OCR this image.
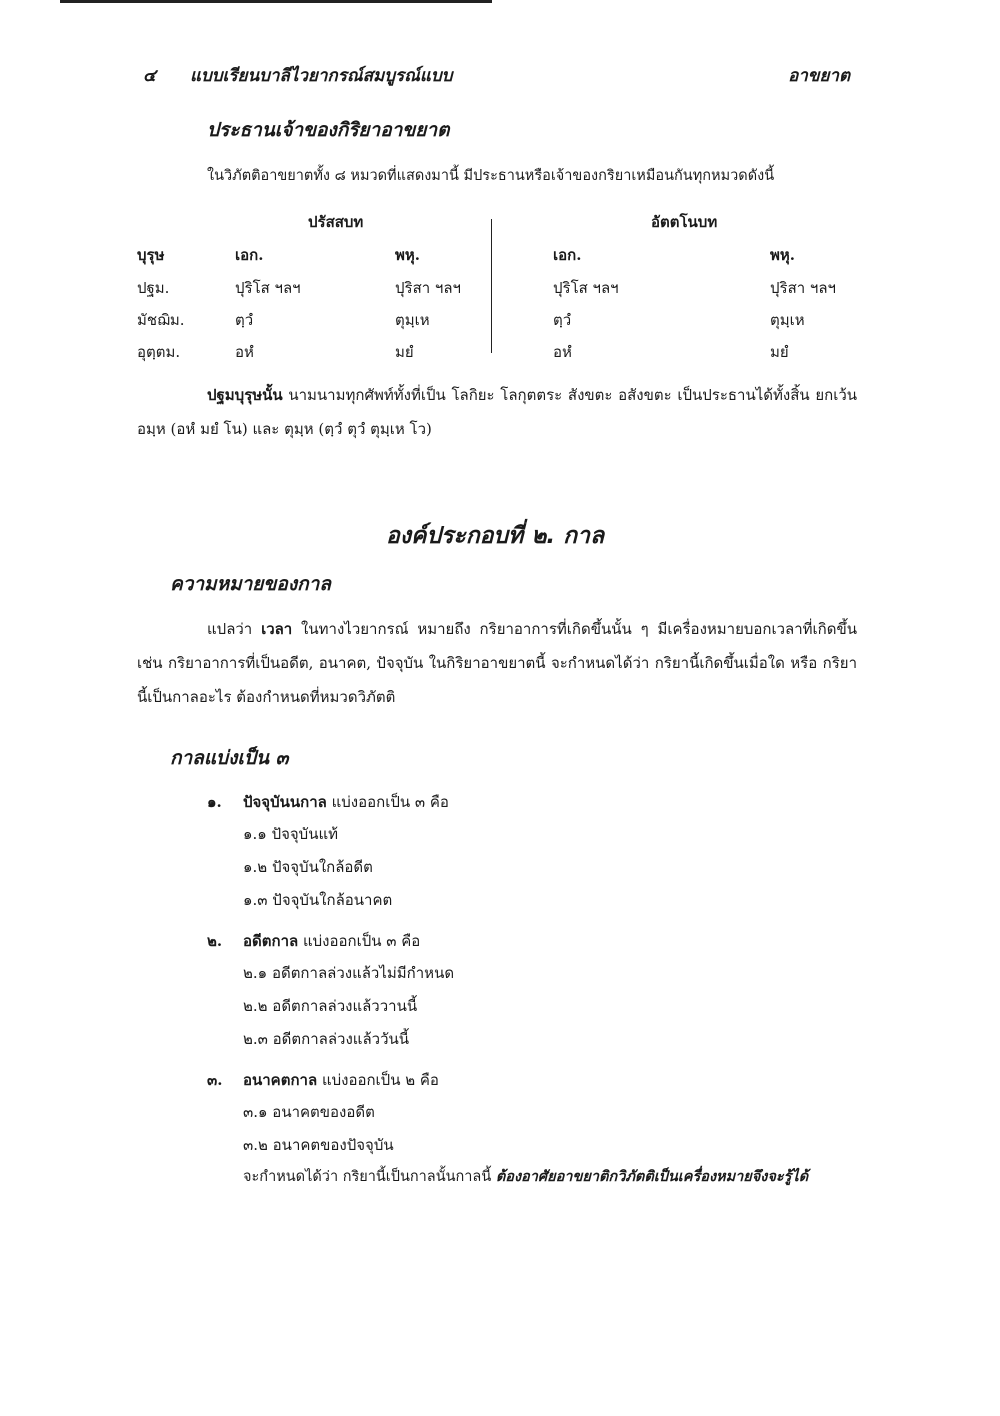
๔ แบบเรียนบาลีไวยากรณ์สมบูรณ์แบบ	อาขยาต
ประธานเจ้าของกิริยาอาขยาต
ในวิภัตติอาขยาตทั้ง ๘ หมวดที่แสดงมานี้ มีประธานหรือเจ้าของกริยาเหมือนกันทุกหมวดดังนี้
ปรัสสบท	อัตตโนบท
บุรุษ	เอก.	พหุ.	เอก.	พหุ.
ปฐม.	ปุริโส ฯลฯ	ปุริสา ฯลฯ	ปุริโส ฯลฯ	ปุริสา ฯลฯ
มัชฌิม.	ตฺวํ	ตุมฺเห	ตฺวํ	ตุมฺเห
อุตฺตม.	อหํ	มยํ	อหํ	มยํ
ปฐมบุรุษนั้น นามนามทุกศัพท์ทั้งที่เป็น โลกิยะ โลกุตตระ สังขตะ อสังขตะ เป็นประธานได้ทั้งสิ้น ยกเว้น อมฺห (อหํ มยํ โน) และ ตุมฺห (ตฺวํ ตุวํ ตุมฺเห โว)
องค์ประกอบที่ ๒. กาล
ความหมายของกาล
แปลว่า เวลา ในทางไวยากรณ์ หมายถึง กริยาอาการที่เกิดขึ้นนั้น ๆ มีเครื่องหมายบอกเวลาที่เกิดขึ้น เช่น กริยาอาการที่เป็นอดีต, อนาคต, ปัจจุบัน ในกิริยาอาขยาตนี้ จะกำหนดได้ว่า กริยานี้เกิดขึ้นเมื่อใด หรือ กริยานี้เป็นกาลอะไร ต้องกำหนดที่หมวดวิภัตติ
กาลแบ่งเป็น ๓
๑. ปัจจุบันนกาล แบ่งออกเป็น ๓ คือ
๑.๑ ปัจจุบันแท้
๑.๒ ปัจจุบันใกล้อดีต
๑.๓ ปัจจุบันใกล้อนาคต
๒. อดีตกาล แบ่งออกเป็น ๓ คือ
๒.๑ อดีตกาลล่วงแล้วไม่มีกำหนด
๒.๒ อดีตกาลล่วงแล้ววานนี้
๒.๓ อดีตกาลล่วงแล้ววันนี้
๓. อนาคตกาล แบ่งออกเป็น ๒ คือ
๓.๑ อนาคตของอดีต
๓.๒ อนาคตของปัจจุบัน
จะกำหนดได้ว่า กริยานี้เป็นกาลนั้นกาลนี้ ต้องอาศัยอาขยาติกวิภัตติเป็นเครื่องหมายจึงจะรู้ได้
